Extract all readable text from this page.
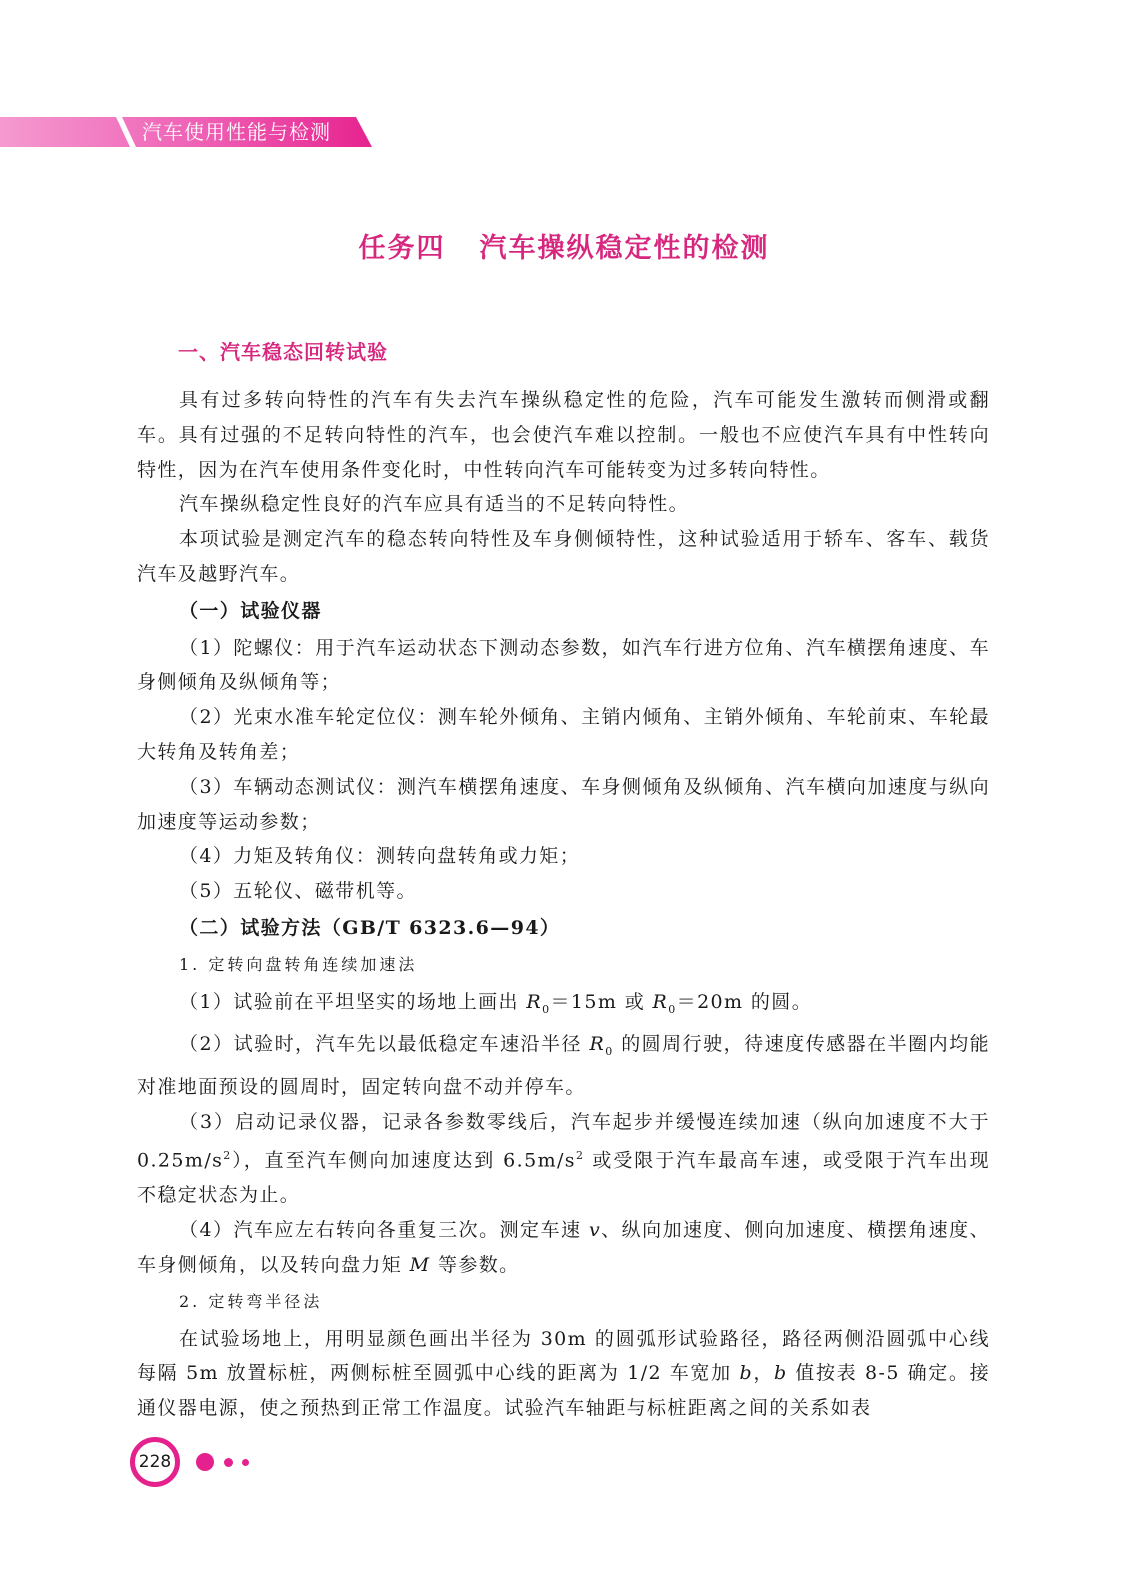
汽车使用性能与检测
任务四 汽车操纵稳定性的检测
一、汽车稳态回转试验

具有过多转向特性的汽车有失去汽车操纵稳定性的危险，汽车可能发生激转而侧滑或翻车。具有过强的不足转向特性的汽车，也会使汽车难以控制。一般也不应使汽车具有中性转向特性，因为在汽车使用条件变化时，中性转向汽车可能转变为过多转向特性。

汽车操纵稳定性良好的汽车应具有适当的不足转向特性。

本项试验是测定汽车的稳态转向特性及车身侧倾特性，这种试验适用于轿车、客车、载货汽车及越野汽车。

（一）试验仪器

（1）陀螺仪：用于汽车运动状态下测动态参数，如汽车行进方位角、汽车横摆角速度、车身侧倾角及纵倾角等；

（2）光束水准车轮定位仪：测车轮外倾角、主销内倾角、主销外倾角、车轮前束、车轮最大转角及转角差；

（3）车辆动态测试仪：测汽车横摆角速度、车身侧倾角及纵倾角、汽车横向加速度与纵向加速度等运动参数；

（4）力矩及转角仪：测转向盘转角或力矩；

（5）五轮仪、磁带机等。

（二）试验方法（GB/T 6323.6—94）
1. 定转向盘转角连续加速法

（1）试验前在平坦坚实的场地上画出 $R_0=15m$ 或 $R_0=20m$ 的圆。

（2）试验时，汽车先以最低稳定车速沿半径 $R_0$ 的圆周行驶，待速度传感器在半圈内均能对准地面预设的圆周时，固定转向盘不动并停车。

（3）启动记录仪器，记录各参数零线后，汽车起步并缓慢连续加速（纵向加速度不大于 $0.25m/s^2$），直至汽车侧向加速度达到 $6.5m/s^2$ 或受限于汽车最高车速，或受限于汽车出现不稳定状态为止。

（4）汽车应左右转向各重复三次。测定车速 v、纵向加速度、侧向加速度、横摆角速度、车身侧倾角，以及转向盘力矩 M 等参数。

2. 定转弯半径法

在试验场地上，用明显颜色画出半径为 30m 的圆弧形试验路径，路径两侧沿圆弧中心线每隔 5m 放置标桩，两侧标桩至圆弧中心线的距离为 1/2 车宽加 b，b 值按表 8-5 确定。接通仪器电源，使之预热到正常工作温度。试验汽车轴距与标桩距离之间的关系如表

228
